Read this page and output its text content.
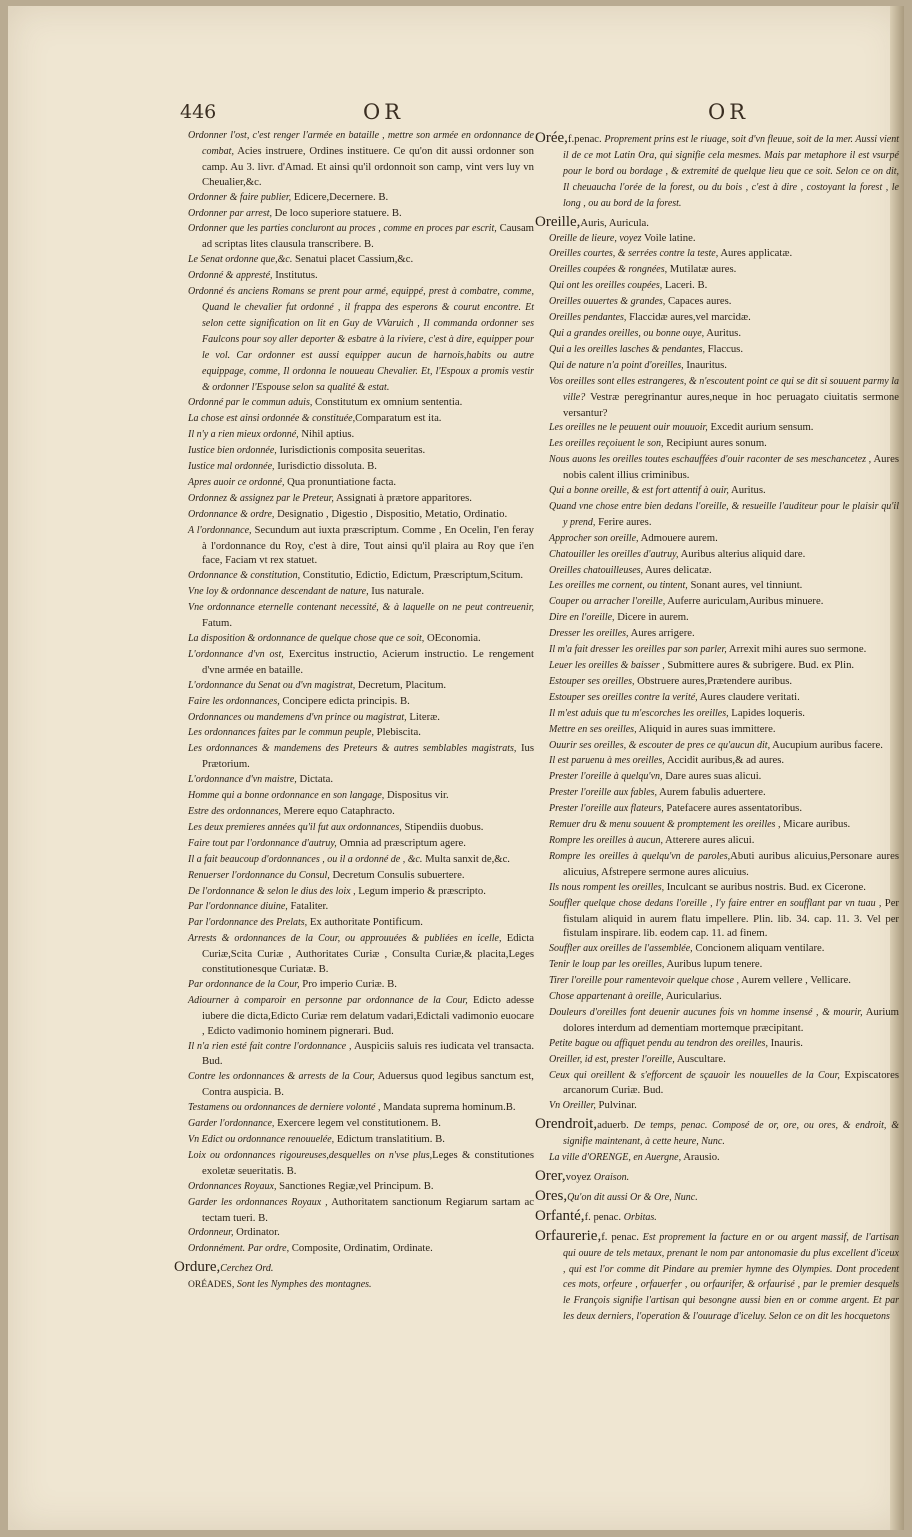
446	OR	OR

Ordonner l'ost, c'est renger l'armée en bataille , mettre son armée en ordonnance de combat, Acies instruere, Ordines instituere. Ce qu'on dit aussi ordonner son camp. Au 3. livr. d'Amad. Et ainsi qu'il ordonnoit son camp, vint vers luy vn Cheualier,&c.

Ordonner & faire publier, Edicere,Decernere. B.

Ordonner par arrest, De loco superiore statuere. B.

Ordonner que les parties concluront au proces , comme en proces par escrit, Causam ad scriptas lites clausula transcribere. B.

Le Senat ordonne que,&c. Senatui placet Cassium,&c.

Ordonné & appresté, Institutus.

Ordonné és anciens Romans se prent pour armé, equippé, prest à combatre, comme, Quand le chevalier fut ordonné , il frappa des esperons & courut encontre. Et selon cette signification on lit en Guy de VVaruich , Il commanda ordonner ses Faulcons pour soy aller deporter & esbatre à la riviere, c'est à dire, equipper pour le vol. Car ordonner est aussi equipper aucun de harnois,habits ou autre equippage, comme, Il ordonna le nouueau Chevalier. Et, l'Espoux a promis vestir & ordonner l'Espouse selon sa qualité & estat.

Ordonné par le commun aduis, Constitutum ex omnium sententia.

La chose est ainsi ordonnée & constituée,Comparatum est ita.

Il n'y a rien mieux ordonné, Nihil aptius.

Iustice bien ordonnée, Iurisdictionis composita seueritas.

Iustice mal ordonnée, Iurisdictio dissoluta. B.

Apres auoir ce ordonné, Qua pronuntiatione facta.

Ordonnez & assignez par le Preteur, Assignati à prætore apparitores.

Ordonnance & ordre, Designatio , Digestio , Dispositio, Metatio, Ordinatio.

A l'ordonnance, Secundum aut iuxta præscriptum. Comme , En Ocelin, I'en feray à l'ordonnance du Roy, c'est à dire, Tout ainsi qu'il plaira au Roy que i'en face, Faciam vt rex statuet.

Ordonnance & constitution, Constitutio, Edictio, Edictum, Præscriptum,Scitum.

Vne loy & ordonnance descendant de nature, Ius naturale.

Vne ordonnance eternelle contenant necessité, & à laquelle on ne peut contreuenir, Fatum.

La disposition & ordonnance de quelque chose que ce soit, OEconomia.

L'ordonnance d'vn ost, Exercitus instructio, Acierum instructio. Le rengement d'vne armée en bataille.

L'ordonnance du Senat ou d'vn magistrat, Decretum, Placitum.

Faire les ordonnances, Concipere edicta principis. B.

Ordonnances ou mandemens d'vn prince ou magistrat, Literæ.

Les ordonnances faites par le commun peuple, Plebiscita.

Les ordonnances & mandemens des Preteurs & autres semblables magistrats, Ius Prætorium.

L'ordonnance d'vn maistre, Dictata.

Homme qui a bonne ordonnance en son langage, Dispositus vir.

Estre des ordonnances, Merere equo Cataphracto.

Les deux premieres années qu'il fut aux ordonnances, Stipendiis duobus.

Faire tout par l'ordonnance d'autruy, Omnia ad præscriptum agere.

Il a fait beaucoup d'ordonnances , ou il a ordonné de , &c. Multa sanxit de,&c.

Renuerser l'ordonnance du Consul, Decretum Consulis subuertere.

De l'ordonnance & selon le dius des loix , Legum imperio & præscripto.

Par l'ordonnance diuine, Fataliter.

Par l'ordonnance des Prelats, Ex authoritate Pontificum.

Arrests & ordonnances de la Cour, ou approuuées & publiées en icelle, Edicta Curiæ,Scita Curiæ , Authoritates Curiæ , Consulta Curiæ,& placita,Leges constitutionesque Curiatæ. B.

Par ordonnance de la Cour, Pro imperio Curiæ. B.

Adiourner à comparoir en personne par ordonnance de la Cour, Edicto adesse iubere die dicta,Edicto Curiæ rem delatum vadari,Edictali vadimonio euocare , Edicto vadimonio hominem pignerari. Bud.

Il n'a rien esté fait contre l'ordonnance , Auspiciis saluis res iudicata vel transacta. Bud.

Contre les ordonnances & arrests de la Cour, Aduersus quod legibus sanctum est, Contra auspicia. B.

Testamens ou ordonnances de derniere volonté , Mandata suprema hominum.B.

Garder l'ordonnance, Exercere legem vel constitutionem. B.

Vn Edict ou ordonnance renouuelée, Edictum translatitium. B.

Loix ou ordonnances rigoureuses,desquelles on n'vse plus,Leges & constitutiones exoletæ seueritatis. B.

Ordonnances Royaux, Sanctiones Regiæ,vel Principum. B.

Garder les ordonnances Royaux , Authoritatem sanctionum Regiarum sartam ac tectam tueri. B.

Ordonneur, Ordinator.

Ordonnément. Par ordre, Composite, Ordinatim, Ordinate.

Ordure,Cerchez Ord.

ORÉADES, Sont les Nymphes des montagnes.

Orée,f.penac. Proprement prins est le riuage, soit d'vn fleuue, soit de la mer. Aussi vient il de ce mot Latin Ora, qui signifie cela mesmes. Mais par metaphore il est vsurpé pour le bord ou bordage , & extremité de quelque lieu que ce soit. Selon ce on dit, Il cheuaucha l'orée de la forest, ou du bois , c'est à dire , costoyant la forest , le long , ou au bord de la forest.

Oreille,Auris, Auricula.

Oreille de lieure, voyez Voile latine.

Oreilles courtes, & serrées contre la teste, Aures applicatæ.

Oreilles coupées & rongnées, Mutilatæ aures.

Qui ont les oreilles coupées, Laceri. B.

Oreilles ouuertes & grandes, Capaces aures.

Oreilles pendantes, Flaccidæ aures,vel marcidæ.

Qui a grandes oreilles, ou bonne ouye, Auritus.

Qui a les oreilles lasches & pendantes, Flaccus.

Qui de nature n'a point d'oreilles, Inauritus.

Vos oreilles sont elles estrangeres, & n'escoutent point ce qui se dit si souuent parmy la ville? Vestræ peregrinantur aures,neque in hoc peruagato ciuitatis sermone versantur?

Les oreilles ne le peuuent ouir mouuoir, Excedit aurium sensum.

Les oreilles reçoiuent le son, Recipiunt aures sonum.

Nous auons les oreilles toutes eschauffées d'ouir raconter de ses meschancetez , Aures nobis calent illius criminibus.

Qui a bonne oreille, & est fort attentif à ouir, Auritus.

Quand vne chose entre bien dedans l'oreille, & resueille l'auditeur pour le plaisir qu'il y prend, Ferire aures.

Approcher son oreille, Admouere aurem.

Chatouiller les oreilles d'autruy, Auribus alterius aliquid dare.

Oreilles chatouilleuses, Aures delicatæ.

Les oreilles me cornent, ou tintent, Sonant aures, vel tinniunt.

Couper ou arracher l'oreille, Auferre auriculam,Auribus minuere.

Dire en l'oreille, Dicere in aurem.

Dresser les oreilles, Aures arrigere.

Il m'a fait dresser les oreilles par son parler, Arrexit mihi aures suo sermone.

Leuer les oreilles & baisser , Submittere aures & subrigere. Bud. ex Plin.

Estouper ses oreilles, Obstruere aures,Prætendere auribus.

Estouper ses oreilles contre la verité, Aures claudere veritati.

Il m'est aduis que tu m'escorches les oreilles, Lapides loqueris.

Mettre en ses oreilles, Aliquid in aures suas immittere.

Ouurir ses oreilles, & escouter de pres ce qu'aucun dit, Aucupium auribus facere.

Il est paruenu à mes oreilles, Accidit auribus,& ad aures.

Prester l'oreille à quelqu'vn, Dare aures suas alicui.

Prester l'oreille aux fables, Aurem fabulis aduertere.

Prester l'oreille aux flateurs, Patefacere aures assentatoribus.

Remuer dru & menu souuent & promptement les oreilles , Micare auribus.

Rompre les oreilles à aucun, Atterere aures alicui.

Rompre les oreilles à quelqu'vn de paroles,Abuti auribus alicuius,Personare aures alicuius, Afstrepere sermone aures alicuius.

Ils nous rompent les oreilles, Inculcant se auribus nostris. Bud. ex Cicerone.

Souffler quelque chose dedans l'oreille , l'y faire entrer en soufflant par vn tuau , Per fistulam aliquid in aurem flatu impellere. Plin. lib. 34. cap. 11. 3. Vel per fistulam inspirare. lib. eodem cap. 11. ad finem.

Souffler aux oreilles de l'assemblée, Concionem aliquam ventilare.

Tenir le loup par les oreilles, Auribus lupum tenere.

Tirer l'oreille pour ramentevoir quelque chose , Aurem vellere , Vellicare.

Chose appartenant à oreille, Auricularius.

Douleurs d'oreilles font deuenir aucunes fois vn homme insensé , & mourir, Aurium dolores interdum ad dementiam mortemque præcipitant.

Petite bague ou affiquet pendu au tendron des oreilles, Inauris.

Oreiller, id est, prester l'oreille, Auscultare.

Ceux qui oreillent & s'efforcent de sçauoir les nouuelles de la Cour, Expiscatores arcanorum Curiæ. Bud.

Vn Oreiller, Pulvinar.

Orendroit,aduerb. De temps, penac. Composé de or, ore, ou ores, & endroit, & signifie maintenant, à cette heure, Nunc.

La ville d'ORENGE, en Auergne, Arausio.

Orer,voyez Oraison.

Ores,Qu'on dit aussi Or & Ore, Nunc.

Orfanté,f. penac. Orbitas.

Orfaurerie,f. penac. Est proprement la facture en or ou argent massif, de l'artisan qui ouure de tels metaux, prenant le nom par antonomasie du plus excellent d'iceux , qui est l'or comme dit Pindare au premier hymne des Olympies. Dont procedent ces mots, orfeure , orfauerfer , ou orfaurifer, & orfaurisé , par le premier desquels le François signifie l'artisan qui besongne aussi bien en or comme argent. Et par les deux derniers, l'operation & l'ouurage d'iceluy. Selon ce on dit les hocquetons
